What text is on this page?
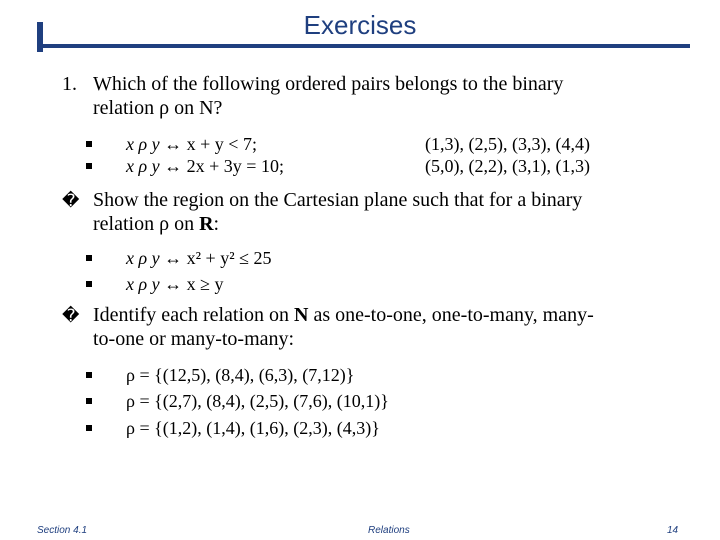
Exercises
1. Which of the following ordered pairs belongs to the binary
relation ρ on N?
x ρ y ↔ x + y < 7;	(1,3), (2,5), (3,3), (4,4)
x ρ y ↔ 2x + 3y = 10;	(5,0), (2,2), (3,1), (1,3)
� Show the region on the Cartesian plane such that for a binary
relation ρ on R:
x ρ y ↔ x² + y² ≤ 25
x ρ y ↔ x ≥ y
� Identify each relation on N as one-to-one, one-to-many, many-
to-one or many-to-many:
ρ = {(12,5), (8,4), (6,3), (7,12)}
ρ = {(2,7), (8,4), (2,5), (7,6), (10,1)}
ρ = {(1,2), (1,4), (1,6), (2,3), (4,3)}
Section 4.1	Relations	14
